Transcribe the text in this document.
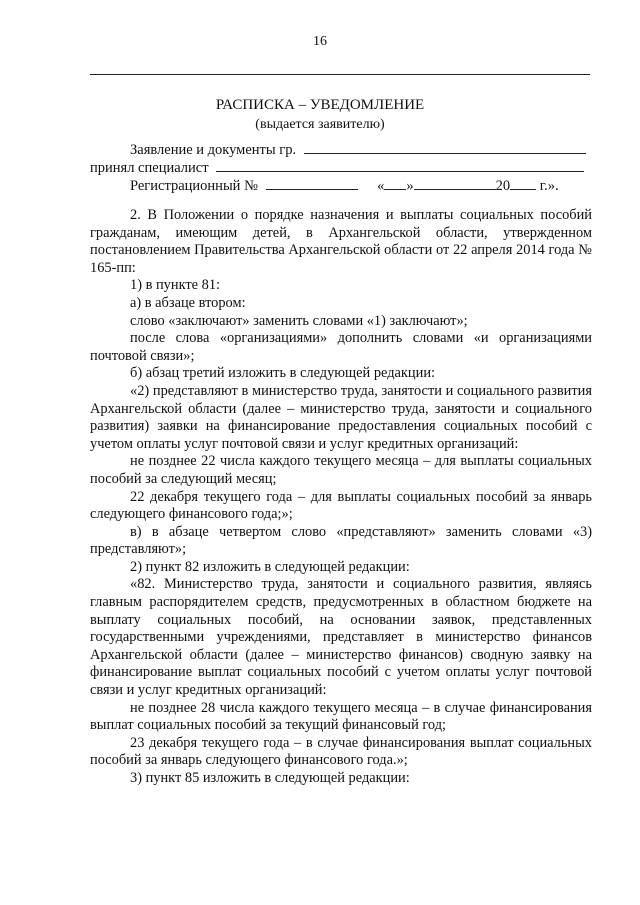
16
РАСПИСКА – УВЕДОМЛЕНИЕ
(выдается заявителю)
Заявление и документы гр.
принял специалист
Регистрационный №	« »	20 г.».

2. В Положении о порядке назначения и выплаты социальных пособий гражданам, имеющим детей, в Архангельской области, утвержденном постановлением Правительства Архангельской области от 22 апреля 2014 года № 165-пп:

1) в пункте 81:

а) в абзаце втором:

слово «заключают» заменить словами «1) заключают»;

после слова «организациями» дополнить словами «и организациями почтовой связи»;

б) абзац третий изложить в следующей редакции:

«2) представляют в министерство труда, занятости и социального развития Архангельской области (далее – министерство труда, занятости и социального развития) заявки на финансирование предоставления социальных пособий с учетом оплаты услуг почтовой связи и услуг кредитных организаций:

не позднее 22 числа каждого текущего месяца – для выплаты социальных пособий за следующий месяц;

22 декабря текущего года – для выплаты социальных пособий за январь следующего финансового года;»;

в) в абзаце четвертом слово «представляют» заменить словами «3) представляют»;

2) пункт 82 изложить в следующей редакции:

«82. Министерство труда, занятости и социального развития, являясь главным распорядителем средств, предусмотренных в областном бюджете на выплату социальных пособий, на основании заявок, представленных государственными учреждениями, представляет в министерство финансов Архангельской области (далее – министерство финансов) сводную заявку на финансирование выплат социальных пособий с учетом оплаты услуг почтовой связи и услуг кредитных организаций:

не позднее 28 числа каждого текущего месяца – в случае финансирования выплат социальных пособий за текущий финансовый год;

23 декабря текущего года – в случае финансирования выплат социальных пособий за январь следующего финансового года.»;

3) пункт 85 изложить в следующей редакции:
